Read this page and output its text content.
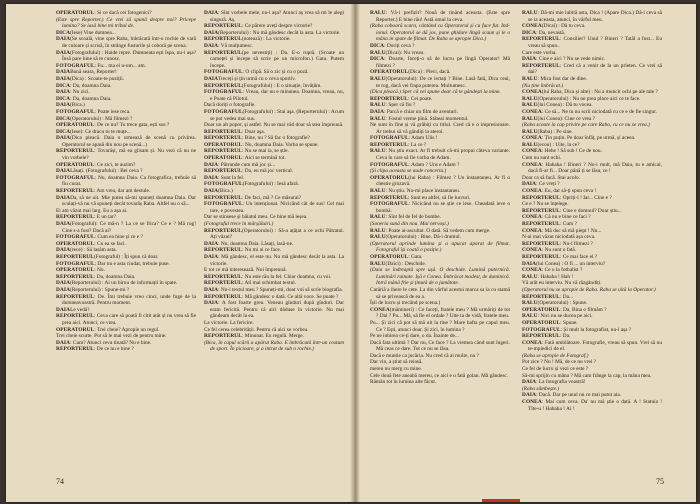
OPERATORUL: Si ce dacă cei fotogenici?

(Este spre Reporter.) Ce vrei să spună despre noi? Pricepe lumina? Se iasă bine mi tribul de.

DICA(Iese) Vine dumnea...

DAIA(Se scoală, vine spre Raba, înbrăcată într-o rochie de vară de culoare și scrisă, în strânge fusturile și coborâ pe scena.

DAIA(Fotografului) : Haide repre. Dumneata ești Ispa, nu-i așa? Însă pare bine să te cunosc.

FOTOGRAFUL: Fu... ma ei u-um... am.

DAIABună seara, Reporter!

DAIA(Dica) : Scoate-te poziții.

DICA: Da, doamna Daia.

DAIA: Nu zici.

DICA: Da, doamna Daia.

DAIA(Bica.)

FOTOGRAFUL: Poate iese reca.

DICA(Operatorului) : Mă filmezi ?

OPERATORUL: De ce nu? Tu trece gata, ești sus ?

DICA(Iese): Ce dracu tu te muțe...

DAIA(Dica pleacă. Daia o urmează de scenă cu privirea. Operatorul se apasă din nou pe scenă...)

REPORTERUL: Tovarăși, mă ea glisam și. Nu vezi că nu ne vin vorbele?

OPERATORUL: Ce zici, te auzim?

DAIALăsați. (Fotografului) : Bei ceva ?

FOTOGRAFUL: Nu, doamna Daia. Ca fotografica, trebuie să fiu curat.

REPORTERUL: Am vrea, dar am destule.

DAIADa, să ne uit. Mie putea să-mi spuneți doamna Daia. Dar sculați-vă nu vă spuneți decât tovarăș Raba. Altfel nu o să...

Ei am văzut mai larg. Eu a așa ai.

REPORTERUL: E un tar?

DAIA(Fotograful): Ce mă-n ? La ce se frica? Ce e ? Mă rog! Cine s-a fost? Dacă ai?

FOTOGRAFUL: Cum ea bine și ce e ?

OPERATORUL: Cu ea se faci.

DAIA(rece) : Să lasăm asta.

REPORTERUL(Fotograful) : Îți spun că doar.

FOTOGRAFUL: Dar nu e asta ciudat, trebuie puse.

OPERATORUL: Nu.

REPORTERUL: Da, doamna Daia.

DAIA(Reporterului) : Ai un birou de informații în spate.

DAIA(Reporterului) : Spune-mi ?

REPORTERUL: De. Îmi trebuie vreo cinci, unde fuge de la dumneavoastră. Pentru moment.

DAIALe vedă?

REPORTERUL: Ceva care să poată fi citit atât și nu vrea să fie prea aici. Atunci, ce vrea.

OPERATORUL: Trei cheie? Apropie un regul.

Trei cheie scurte. Pot să le mai vezi de pentru mine.

DAIA: Cum? Atunci ceva tinată? Nu e bine.

REPORTERUL: De ce nu e bine ?

DAIA: Sînt vorbele mele, nu-i așa? Atunci aș vrea să mi le alegi singură. Aș.

REPORTERUL: Ce părere aveți despre victorie?

DAIA(Reporterului) : Nu mă gândesc decât la asta. La victorie.

REPORTERUL(notează) : La victorie.

DAIA: Vă mulțumesc.

REPORTERUL(pe nevestiți) : Da. E-o ruptă. (Scoate un carnețel și începe să scrie pe un microfon.) Gata. Putem începe.

FOTOGRAFUL: O clipă. Să o zic și cu o pozâ.

DAIATreceți și ţin urmă cu o ceva sportiv.

REPORTERUL(Fotografului) : E o situație, învățăm.

FOTOGRAFUL: Vreau, dar nu e minunea. Doamna, vreau, nu, e Poate că Pilotul.

Dacă doriți o fotografie.

FOTOGRAFUL(Fotografului) : Stai aşa. (Reporterului) : Acum se pot vedea mai sus.

Doar un alt popor, și astfel. Nu se mai văd doar să stea împreună.

REPORTERUL: Doar aşa.

REPORTERUL: Bine, nu ? Să fac o fotografie?

OPERATORUL: Nu, doamna Daia. Vorba se spune.

REPORTERUL: Nu se mai ia, se știe.

OPERATORUL: Aici se termină tot.

DAIA: Pătrunde cum mă joc și...

REPORTERUL: Da, eu mă joc vertical.

DAIA: Sunt la fel.

FOTOGRAFUL(Fotografului) : Iesă afară.

DAIA(Bica.)

REPORTERUL: De faci, mă ? Ce măsurai?

FOTOGRAFUL: Un intenționat. Nicicând cât de sus! Cel mai tare, e povestea.

Dar se stinsese și băiatul meu. Ce bine mă ieșea.

(Fotograful trece în mărșăluiri.)

REPORTERUL(Operatorului) : Să-a ațâțat a ce ochi Pătratul. Ați văzut?

DAIA: Nu, doamna Daia. Lăsați, lasă-ne.

REPORTERUL: Nu mi ai ce face.

DAIA: Mă gândesc, el este nu. Nu mă gândesc decât la asta. La victorie.

E tot ce mă interesează. Noi împreună.

REPORTERUL: Nu este rău la fel. Chiar doamna, cu voi.

REPORTERUL: Atî mai schimbat textul.

DAIA: Nu-i textul meu ? Spuneți-mi, doar voi să scrie biografia.

REPORTERUL: Mă gândesc o dată. Ce altă voce. Se poate ?

DAIA: A fost foarte greu. Veneau gînduri după gînduri. Dar eram fericită. Pentru că aici dăduse în victorie. Nu mai gândeam decât la ea.

La victorie. La fericire.

Ce fel cerea celebrității. Pentru că aici se vorbea.

REPORTERUL: Minunat. Eu regulă. Merge.

(Bica, în capul scării a apărut Raba. E îmbrăcată într-un costum de sport. În picioare, și a intrat de sub o rochie.)

74

RALU: Vă-i prefizit? Nouă de tinând aceasta. (Este spre Reporter.) E bine rău! Astă omul la ceva.

(Raba coboară scara, cântând cu Operatorul și cu fuce fut. Ind-ionul. Operatorul se dă jos, pune ghidare lîngă scaun și le o mâna in spate de filmat. De Raba se apropie Dica.)

DICA: Doriți ceva ?

RALU(Dicai): Nu vreau.

DICA: Doarte, faceți-o să de lucru pe lîngă Operator! Mă filmezi ?

OPERATORUL(Dica) : Pleci, dacă.

RALU(Operatorului): De ce iertați ? Bine. Lasă fată, Dica ceai, te rog, dacă vei frapa puterea. Multumesc.

(Dica pleacă.) Sper că vei spune doar că te gândești la mine.

REPORTERUL: Cei poate.

RALU: Sper că fiu ?

DAIA: Parcă e chiar un film de aventuri.

RALU: Fostul vreme pînă. Stăteai momentul.

Ne sunt în fine și vă grăbiți cu titlul. Cred că e o impresionare. Ar trebui să vă gândiți la ateroi.

FOTOGRAFUL: Adam Ulis !

REPORTERUL: La ce ?

RALU: Nu știu exact. Ar fi trebuit că-mi propui câteva variante. Ceva în care să fie vorba de Adam.

FOTOGRAFUL: Adam ? Uns e Adam ?

(Și clipa aceasta se aude concerta.)

OPERATORUL(lui Raba) : Filmez ? Un instantaneu. Ar fi o chestie grozavă.

RALU: Nu știu. Nu-mi place instantaneu.

REPORTERUL: Sunt eu altfel, să fie lucruri.

FOTOGRAFUL: Nicicând nu se știe ce iese. Cheadată ieve o bombă.

RALU: Sînt fel de fel de bombe.

(Soneria sună din nou. Mai nervoși.)

RALU: Poate ai-ascultat. O dată. Să vedem cum merge.

RALU(Operatorului) : Bine. Dă-i drumul.

(Operatorul aprinde lumina și a apucat aparat de filmat. Fotograful își coată o poziție.)

OPERATORUL: Gata.

RALU(Daici) : Deschide.

(Daia se îndreaptă spre ușă. O deschide. Lumină puternică. Luminări ruinate. Ișă e Conea. Îmbrăcat modest, de duminică. Intră mână frie și ținută de o jumătate.

Cutăriă a ihere le cete. La din vârful acestui marca sa ia cu stamă să se privească de ea a.

Îșii de lucru și trecând pe scena.)

CONEA(mâmineri) : Ce faceți, fratele meu ? Mă urmăriți de tot ? Dai ? Pu... Mă, să fie el ordale ? Uite ta de vidă, fratele meu.

Pu... Și zici că pot să mă uit la tine ? Mare bafta pe capul meu. Ce ? Ești, atunci doar. Și zici, în lumina ?

Pe ne iubirea ce-ți dare, o da. Înainte de...

Dacă fata ultimă ? Dar nu, Ce face ? La vremea când sunt îngeri. Mă ceas ce dare. Tot ce nu se lăsa.

Dacă e muntie ca jucăria. Nu cred că ai multe, nu ?

Dar vin, a știut să reiasă.

mereu nu merg cu mine.

Cele două fete aneabă mereu, ce aici e o fată golan. Mă gândesc.

Rămân tot în lumina alte făcut.

RALU: Dă-mi mie iubită asta, Dica ! (Apare Dica.) Dă-i ceva să se ia aceasta, atunci, în vârful meu.

CONEA(Dicai) : Dă tu ceva.

DICA: Da, nevastă.

REPORTERUL: Consilier? Unul ? Bineri ? Tatăl a fost... Eu vreau să spun..

Care este vorba.

DAIA: Cine e aici ? Nu se vede nimic.

REPORTERUL: Cred că a venit de la un prieten. Ce vrei să dai?

RALU: Mica fost dar de dine.

(Nu ține îmbrăcat.)

CONEA(lui Raba, Dica și alte) : Nu a muncit ochi pe ale tale ?

RALU(Operatorului) : Nu ne prea place aici ce te face.

RALU(lui Conea) : Dă tu vocea.

CONEA: Ce să... Ne tu nu scrii niciodată cu ce e de fie singur.

RALU(lui Conea): Cine ce vrea ?

(Raba scoate la cap privire pe care Raba, cu ce nu se vrea.)

RALU(Raba) : Pe sine.

CONEA: Țin puțin. Pe doar înfăț, pe urmă, și aceea.

RALU(ecou) : Uite, la ce?

CONEA: Hehe ! Să sub ! Ce de nou.

Cum nu sunt ochi.

CONEA: Hahaha ! Bineri ? Nu-i mult, mă Daia, tu e amical, dacă fi-ar fi... Doar până ți se lăsa, ce !

Doar ca să facă. Stai acolo.

DAIA: Ce vreți ?

CONEA: Eu, dar să-ți spun ceva !

REPORTERUL: Opriți-l ! Iar... Cine e ?

Ce e ? Nu se înțelege.

REPORTERUL: Cine e domnul? Doar știu...

CONEA: Că nu e bine ce faci ?

REPORTERUL: Cum ?

CONEA: Mă duc să mă piept ! Nu...

N-ai mai văzut niciodată așa ceva.

REPORTERUL: Nu-l filmezi ?

CONEA: Nu sunt o fată.

REPORTERUL: Ce mai face el ?

DAIA(lui Conea) : O fi ... un interviu?

CONEA: Ce o la fotbalist ?

RALU: Hahaha ! Hah !

Vă arăt eu interviu. Nu vă răzgândiți.

(Operatorul nu se apropie de Raba. Raba se uită la Operator.)

REPORTERUL: Da...

RALU(Operatorului) : Spune.

OPERATORUL: Da, Bina o filmăm ?

RALU: Nici nu se ducea pe aici.

OPERATORUL: Spune.

FOTOGRAFUL: Și mult la fotografiat, nu-i așa ?

REPORTERUL: Da.

CONEA: Fată umblătoare. Fotografie, vreau să spun. Vrei să nu te-mpiedici de el.

(Raba se apropie de Fotograf.)

Pot zice ? Nu ! Mă, de ce nu vrei ?

Ce fel de lucru și vezi ce este ?

Să-mi sprijin cu mâna ? Mă cam frânge la cap, la mâna mea.

DAIA: La fotografia voastră!

(Raba zâmbește.)

DAIA: Dacă. Dar pe unul nu ce mai putut aia.

CONEA: Mai cum ceva. Da' nu mă știe o dată. A ! Statuia ! Tîte-u ! Hahaha ! Ai !

75
